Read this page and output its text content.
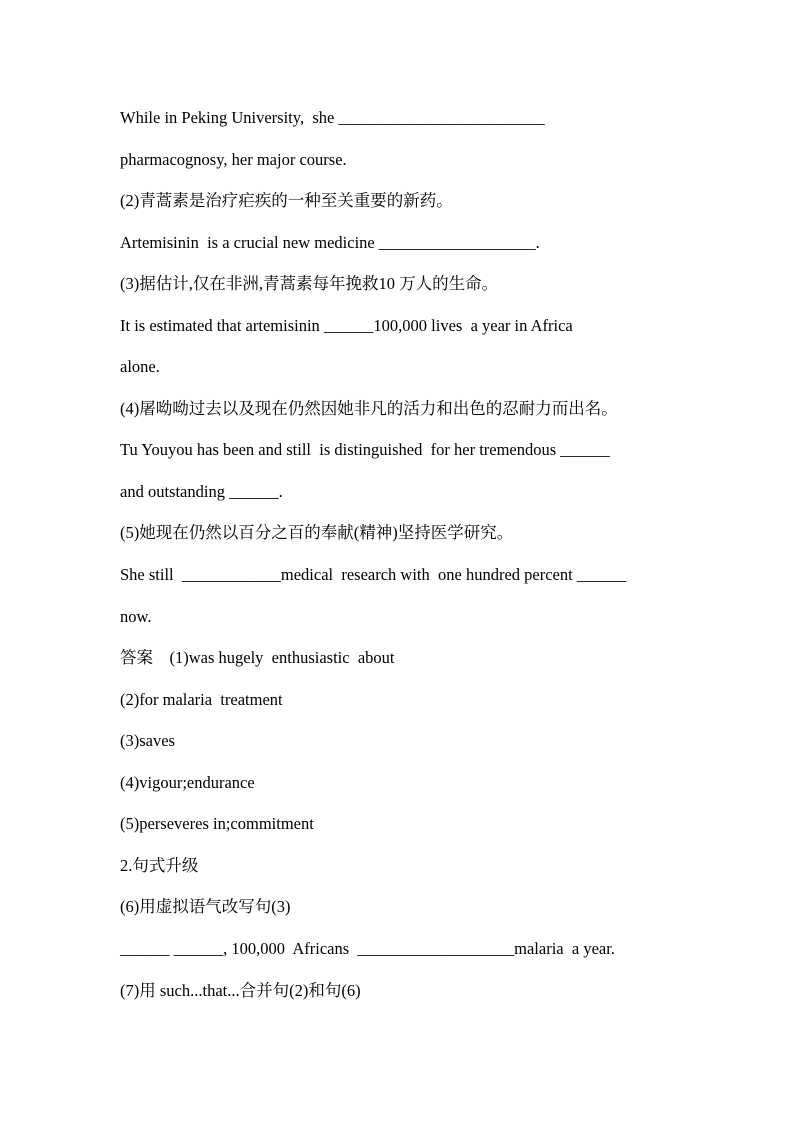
While in Peking University,  she _________________________
pharmacognosy, her major course.
(2)青蒿素是治疗疟疾的一种至关重要的新药。
Artemisinin  is a crucial new medicine ___________________.
(3)据估计,仅在非洲,青蒿素每年挽救10 万人的生命。
It is estimated that artemisinin ______100,000 lives  a year in Africa
alone.
(4)屠呦呦过去以及现在仍然因她非凡的活力和出色的忍耐力而出名。
Tu Youyou has been and still  is distinguished  for her tremendous ______
and outstanding ______.
(5)她现在仍然以百分之百的奉献(精神)坚持医学研究。
She still  ____________medical  research with  one hundred percent ______
now.
答案    (1)was hugely  enthusiastic  about
(2)for malaria  treatment
(3)saves
(4)vigour;endurance
(5)perseveres in;commitment
2.句式升级
(6)用虚拟语气改写句(3)
______ ______, 100,000  Africans  ___________________malaria  a year.
(7)用 such...that...合并句(2)和句(6)
